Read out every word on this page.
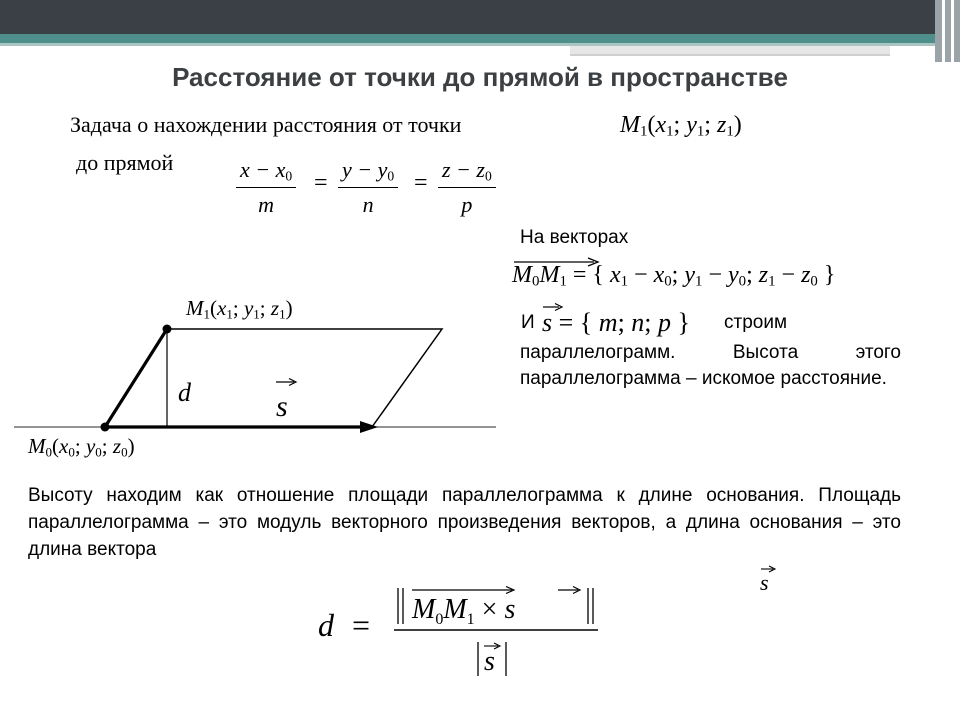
Расстояние от точки до прямой в пространстве
Задача о нахождении расстояния от точки	$M_1(x_1$; $y_1$; $z_1$)
до прямой	$x - x_0$
m
=
$y - y_0$
n
=
$z - z_0$
p
На векторах
$M_0M_1$ = { $x_1 - x_0$; $y_1 - y_0$; $z_1 - z_0$ }
И s = { m; n; p } строим
параллелограмм. Высота этого параллелограмма – искомое расстояние.
$M_1(x_1$; $y_1$; $z_1$)
d	s
$M_0(x_0$; $y_0$; $z_0$)
Высоту находим как отношение площади параллелограмма к длине основания. Площадь параллелограмма – это модуль векторного произведения векторов, а длина основания – это длина вектора
s
$d = M_0M_1 \times s$
s
